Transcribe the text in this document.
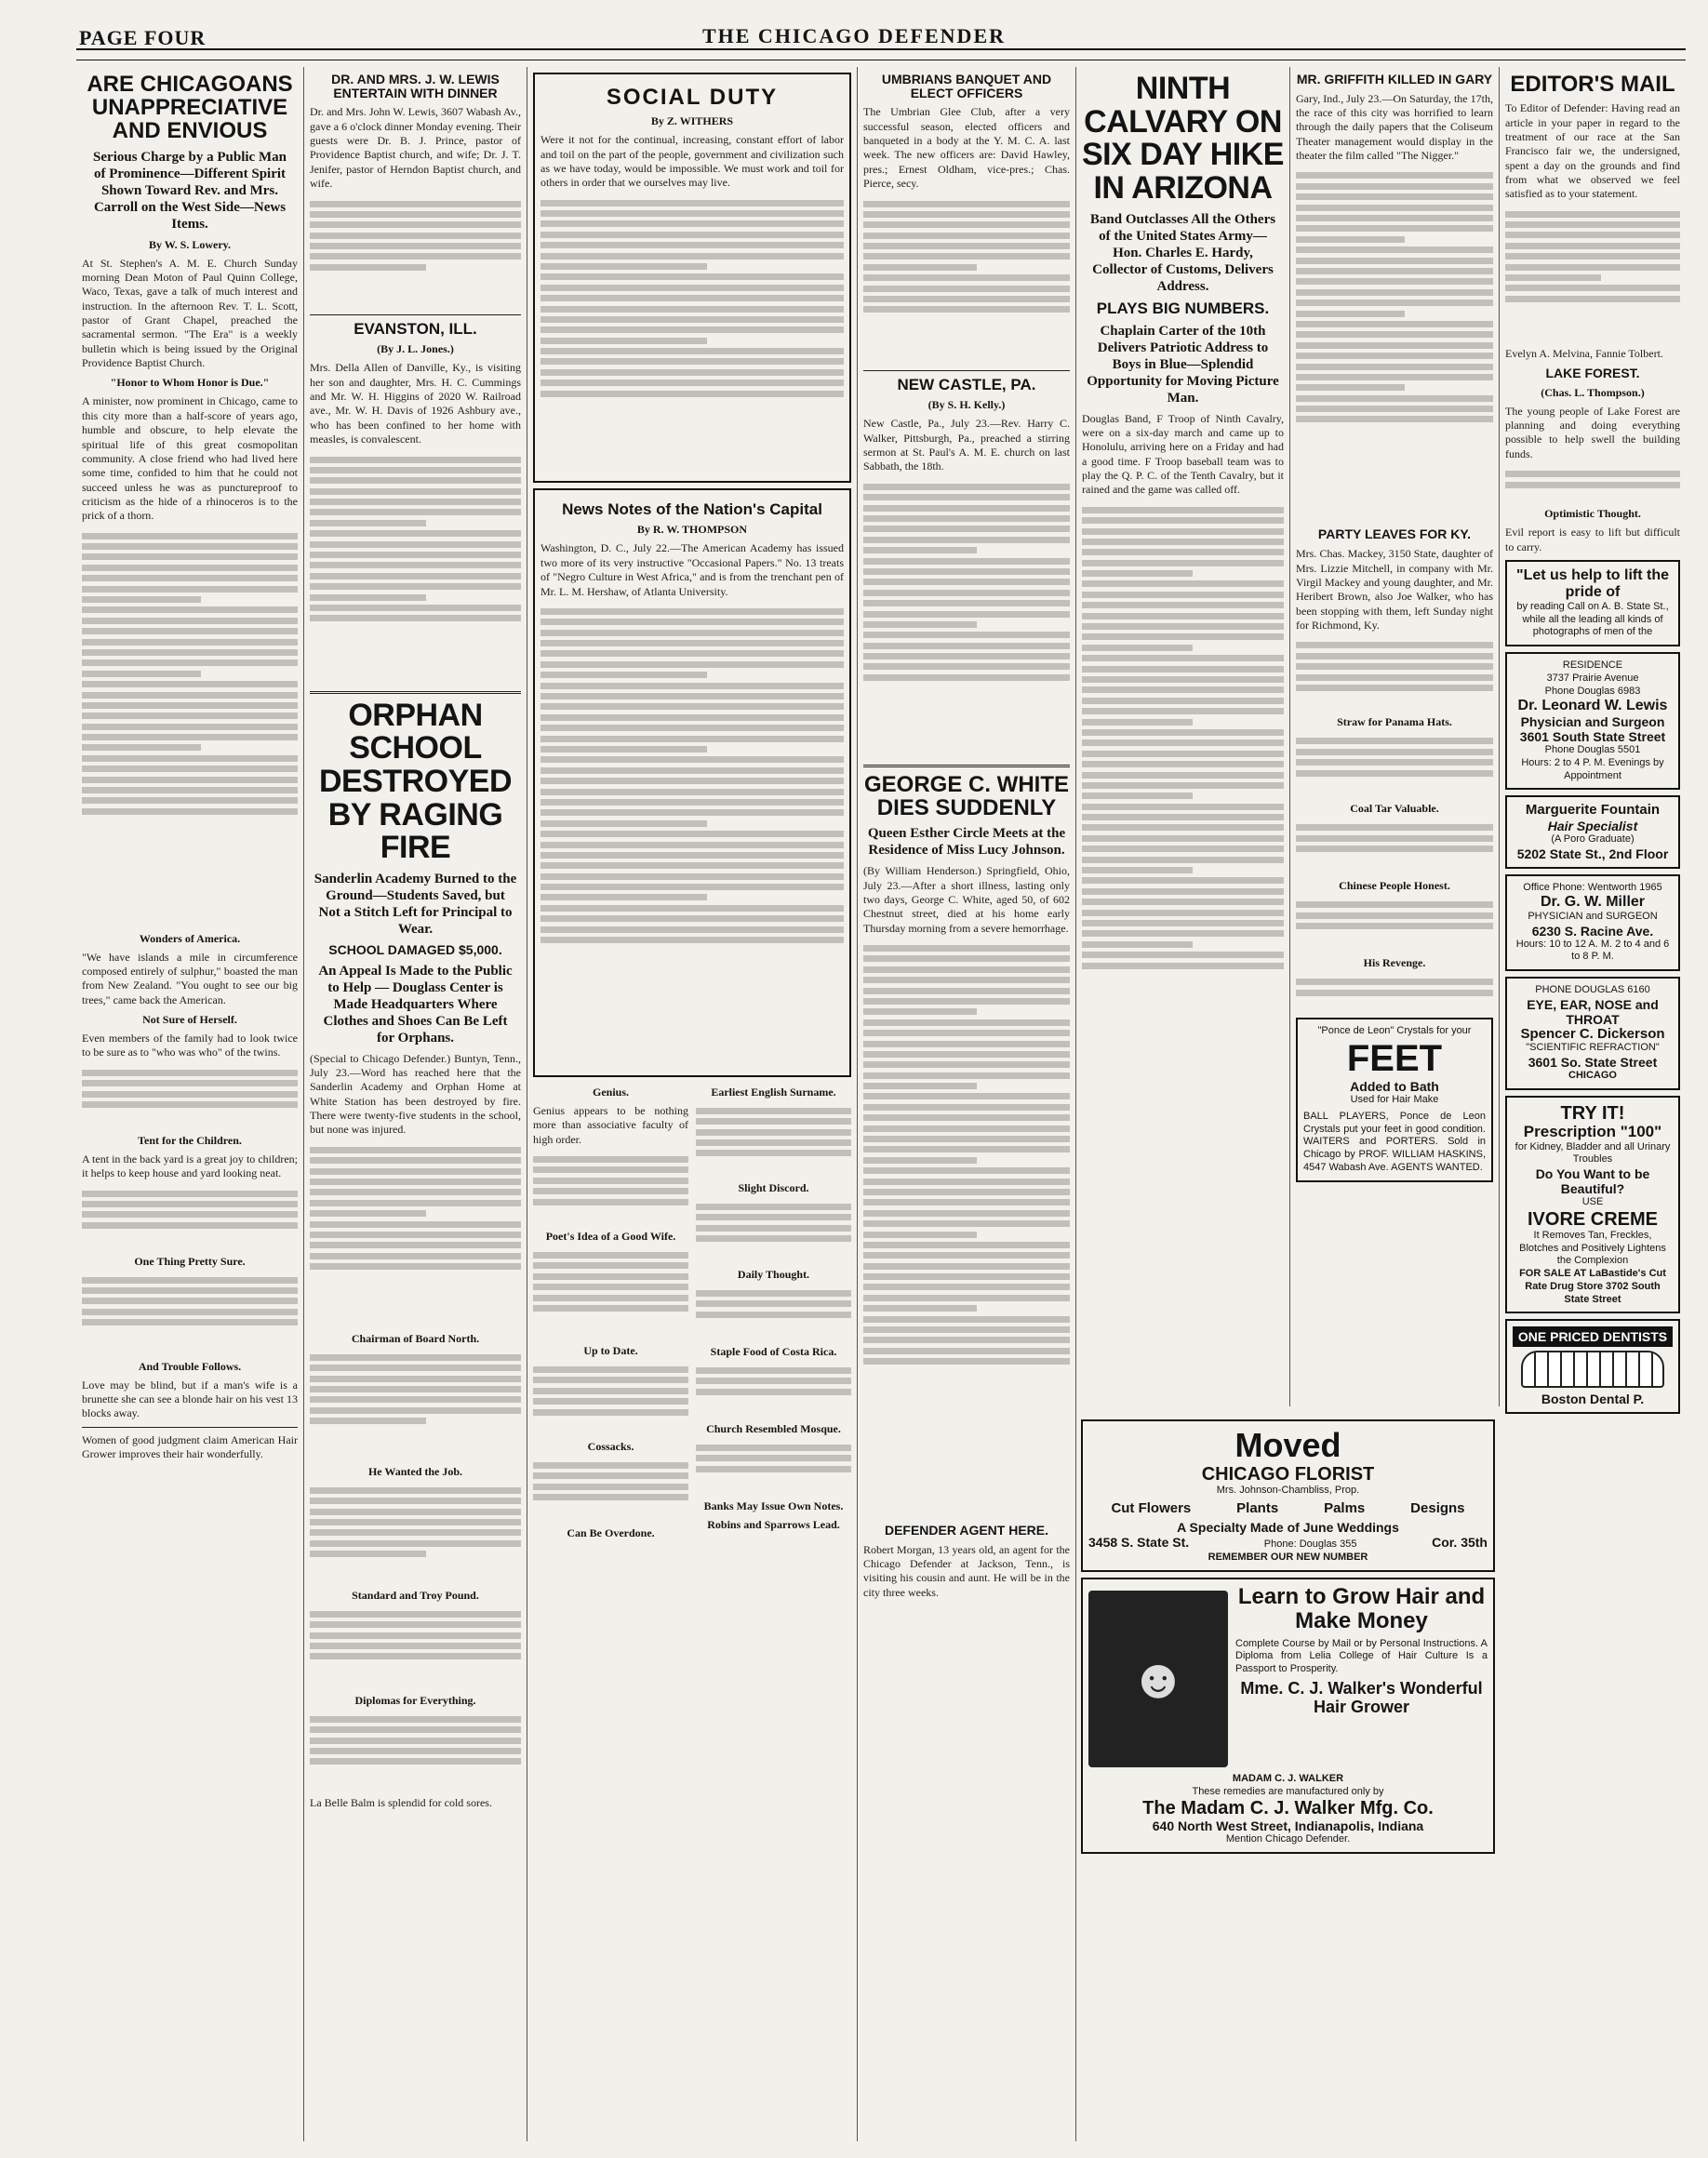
PAGE FOUR	THE CHICAGO DEFENDER
ARE CHICAGOANS UNAPPRECIATIVE AND ENVIOUS
Serious Charge by a Public Man of Prominence—Different Spirit Shown Toward Rev. and Mrs. Carroll on the West Side—News Items.
By W. S. Lowery.

At St. Stephen's A. M. E. Church Sunday morning Dean Moton of Paul Quinn College, Waco, Texas, gave a talk of much interest and instruction. In the afternoon Rev. T. L. Scott, pastor of Grant Chapel, preached the sacramental sermon. "The Era" is a weekly bulletin which is being issued by the Original Providence Baptist Church.

"Honor to Whom Honor is Due."

A minister, now prominent in Chicago, came to this city more than a half-score of years ago, humble and obscure, to help elevate the spiritual life of this great cosmopolitan community. A close friend who had lived here some time, confided to him that he could not succeed unless he was as punctureproof to criticism as the hide of a rhinoceros is to the prick of a thorn.

Wonders of America.

"We have islands a mile in circumference composed entirely of sulphur," boasted the man from New Zealand. "You ought to see our big trees," came back the American.

Not Sure of Herself.

Even members of the family had to look twice to be sure as to "who was who" of the twins.

Tent for the Children.

A tent in the back yard is a great joy to children; it helps to keep house and yard looking neat.

One Thing Pretty Sure.
And Trouble Follows.

Love may be blind, but if a man's wife is a brunette she can see a blonde hair on his vest 13 blocks away.

Women of good judgment claim American Hair Grower improves their hair wonderfully.

DR. AND MRS. J. W. LEWIS ENTERTAIN WITH DINNER

Dr. and Mrs. John W. Lewis, 3607 Wabash Av., gave a 6 o'clock dinner Monday evening. Their guests were Dr. B. J. Prince, pastor of Providence Baptist church, and wife; Dr. J. T. Jenifer, pastor of Herndon Baptist church, and wife.

EVANSTON, ILL.
(By J. L. Jones.)

Mrs. Della Allen of Danville, Ky., is visiting her son and daughter, Mrs. H. C. Cummings and Mr. W. H. Higgins of 2020 W. Railroad ave., Mr. W. H. Davis of 1926 Ashbury ave., who has been confined to her home with measles, is convalescent.

ORPHAN SCHOOL DESTROYED BY RAGING FIRE
Sanderlin Academy Burned to the Ground—Students Saved, but Not a Stitch Left for Principal to Wear.
SCHOOL DAMAGED $5,000.
An Appeal Is Made to the Public to Help — Douglass Center is Made Headquarters Where Clothes and Shoes Can Be Left for Orphans.

(Special to Chicago Defender.) Buntyn, Tenn., July 23.—Word has reached here that the Sanderlin Academy and Orphan Home at White Station has been destroyed by fire. There were twenty-five students in the school, but none was injured.

Chairman of Board North.
He Wanted the Job.
Standard and Troy Pound.
Diplomas for Everything.

La Belle Balm is splendid for cold sores.

SOCIAL DUTY
By Z. WITHERS

Were it not for the continual, increasing, constant effort of labor and toil on the part of the people, government and civilization such as we have today, would be impossible. We must work and toil for others in order that we ourselves may live.

News Notes of the Nation's Capital
By R. W. THOMPSON

Washington, D. C., July 22.—The American Academy has issued two more of its very instructive "Occasional Papers." No. 13 treats of "Negro Culture in West Africa," and is from the trenchant pen of Mr. L. M. Hershaw, of Atlanta University.

Genius.

Genius appears to be nothing more than associative faculty of high order.

Poet's Idea of a Good Wife.
Up to Date.
Cossacks.
Can Be Overdone.
Earliest English Surname.
Slight Discord.
Daily Thought.
Staple Food of Costa Rica.
Church Resembled Mosque.
Banks May Issue Own Notes.
Robins and Sparrows Lead.
UMBRIANS BANQUET AND ELECT OFFICERS

The Umbrian Glee Club, after a very successful season, elected officers and banqueted in a body at the Y. M. C. A. last week. The new officers are: David Hawley, pres.; Ernest Oldham, vice-pres.; Chas. Pierce, secy.

NEW CASTLE, PA.
(By S. H. Kelly.)

New Castle, Pa., July 23.—Rev. Harry C. Walker, Pittsburgh, Pa., preached a stirring sermon at St. Paul's A. M. E. church on last Sabbath, the 18th.

GEORGE C. WHITE DIES SUDDENLY
Queen Esther Circle Meets at the Residence of Miss Lucy Johnson.

(By William Henderson.) Springfield, Ohio, July 23.—After a short illness, lasting only two days, George C. White, aged 50, of 602 Chestnut street, died at his home early Thursday morning from a severe hemorrhage.

DEFENDER AGENT HERE.

Robert Morgan, 13 years old, an agent for the Chicago Defender at Jackson, Tenn., is visiting his cousin and aunt. He will be in the city three weeks.

NINTH CALVARY ON SIX DAY HIKE IN ARIZONA
Band Outclasses All the Others of the United States Army—Hon. Charles E. Hardy, Collector of Customs, Delivers Address.
PLAYS BIG NUMBERS.
Chaplain Carter of the 10th Delivers Patriotic Address to Boys in Blue—Splendid Opportunity for Moving Picture Man.

Douglas Band, F Troop of Ninth Cavalry, were on a six-day march and came up to Honolulu, arriving here on a Friday and had a good time. F Troop baseball team was to play the Q. P. C. of the Tenth Cavalry, but it rained and the game was called off.

MR. GRIFFITH KILLED IN GARY

Gary, Ind., July 23.—On Saturday, the 17th, the race of this city was horrified to learn through the daily papers that the Coliseum Theater management would display in the theater the film called "The Nigger."

PARTY LEAVES FOR KY.

Mrs. Chas. Mackey, 3150 State, daughter of Mrs. Lizzie Mitchell, in company with Mr. Virgil Mackey and young daughter, and Mr. Heribert Brown, also Joe Walker, who has been stopping with them, left Sunday night for Richmond, Ky.

Straw for Panama Hats.
Coal Tar Valuable.
Chinese People Honest.
His Revenge.
"Ponce de Leon" Crystals for your
FEET
Added to Bath
Used for Hair Make
BALL PLAYERS, Ponce de Leon Crystals put your feet in good condition. WAITERS and PORTERS. Sold in Chicago by PROF. WILLIAM HASKINS, 4547 Wabash Ave. AGENTS WANTED.
Moved
CHICAGO FLORIST
Mrs. Johnson-Chambliss, Prop.
Cut Flowers	Plants	Palms	Designs
A Specialty Made of June Weddings
3458 S. State St.	Phone: Douglas 355	Cor. 35th
REMEMBER OUR NEW NUMBER
☻
Learn to Grow Hair and Make Money
Complete Course by Mail or by Personal Instructions. A Diploma from Lelia College of Hair Culture Is a Passport to Prosperity.
Mme. C. J. Walker's Wonderful Hair Grower
MADAM C. J. WALKER
These remedies are manufactured only by
The Madam C. J. Walker Mfg. Co.
640 North West Street, Indianapolis, Indiana
Mention Chicago Defender.
EDITOR'S MAIL

To Editor of Defender: Having read an article in your paper in regard to the treatment of our race at the San Francisco fair we, the undersigned, spent a day on the grounds and find from what we observed we feel satisfied as to your statement.

Evelyn A. Melvina, Fannie Tolbert.

LAKE FOREST.
(Chas. L. Thompson.)

The young people of Lake Forest are planning and doing everything possible to help swell the building funds.

Optimistic Thought.

Evil report is easy to lift but difficult to carry.

"Let us help to lift the pride of
by reading Call on A. B. State St., while all the leading all kinds of photographs of men of the
RESIDENCE
3737 Prairie Avenue
Phone Douglas 6983
Dr. Leonard W. Lewis
Physician and Surgeon
3601 South State Street
Phone Douglas 5501
Hours: 2 to 4 P. M. Evenings by Appointment
Marguerite Fountain
Hair Specialist
(A Poro Graduate)
5202 State St., 2nd Floor
Office Phone: Wentworth 1965
Dr. G. W. Miller
PHYSICIAN and SURGEON
6230 S. Racine Ave.
Hours: 10 to 12 A. M. 2 to 4 and 6 to 8 P. M.
PHONE DOUGLAS 6160
EYE, EAR, NOSE and THROAT
Spencer C. Dickerson
"SCIENTIFIC REFRACTION"
3601 So. State Street
CHICAGO
TRY IT!
Prescription "100"
for Kidney, Bladder and all Urinary Troubles
Do You Want to be Beautiful?
USE
IVORE CREME
It Removes Tan, Freckles, Blotches and Positively Lightens the Complexion
FOR SALE AT LaBastide's Cut Rate Drug Store 3702 South State Street
ONE PRICED DENTISTS
Boston Dental P.
